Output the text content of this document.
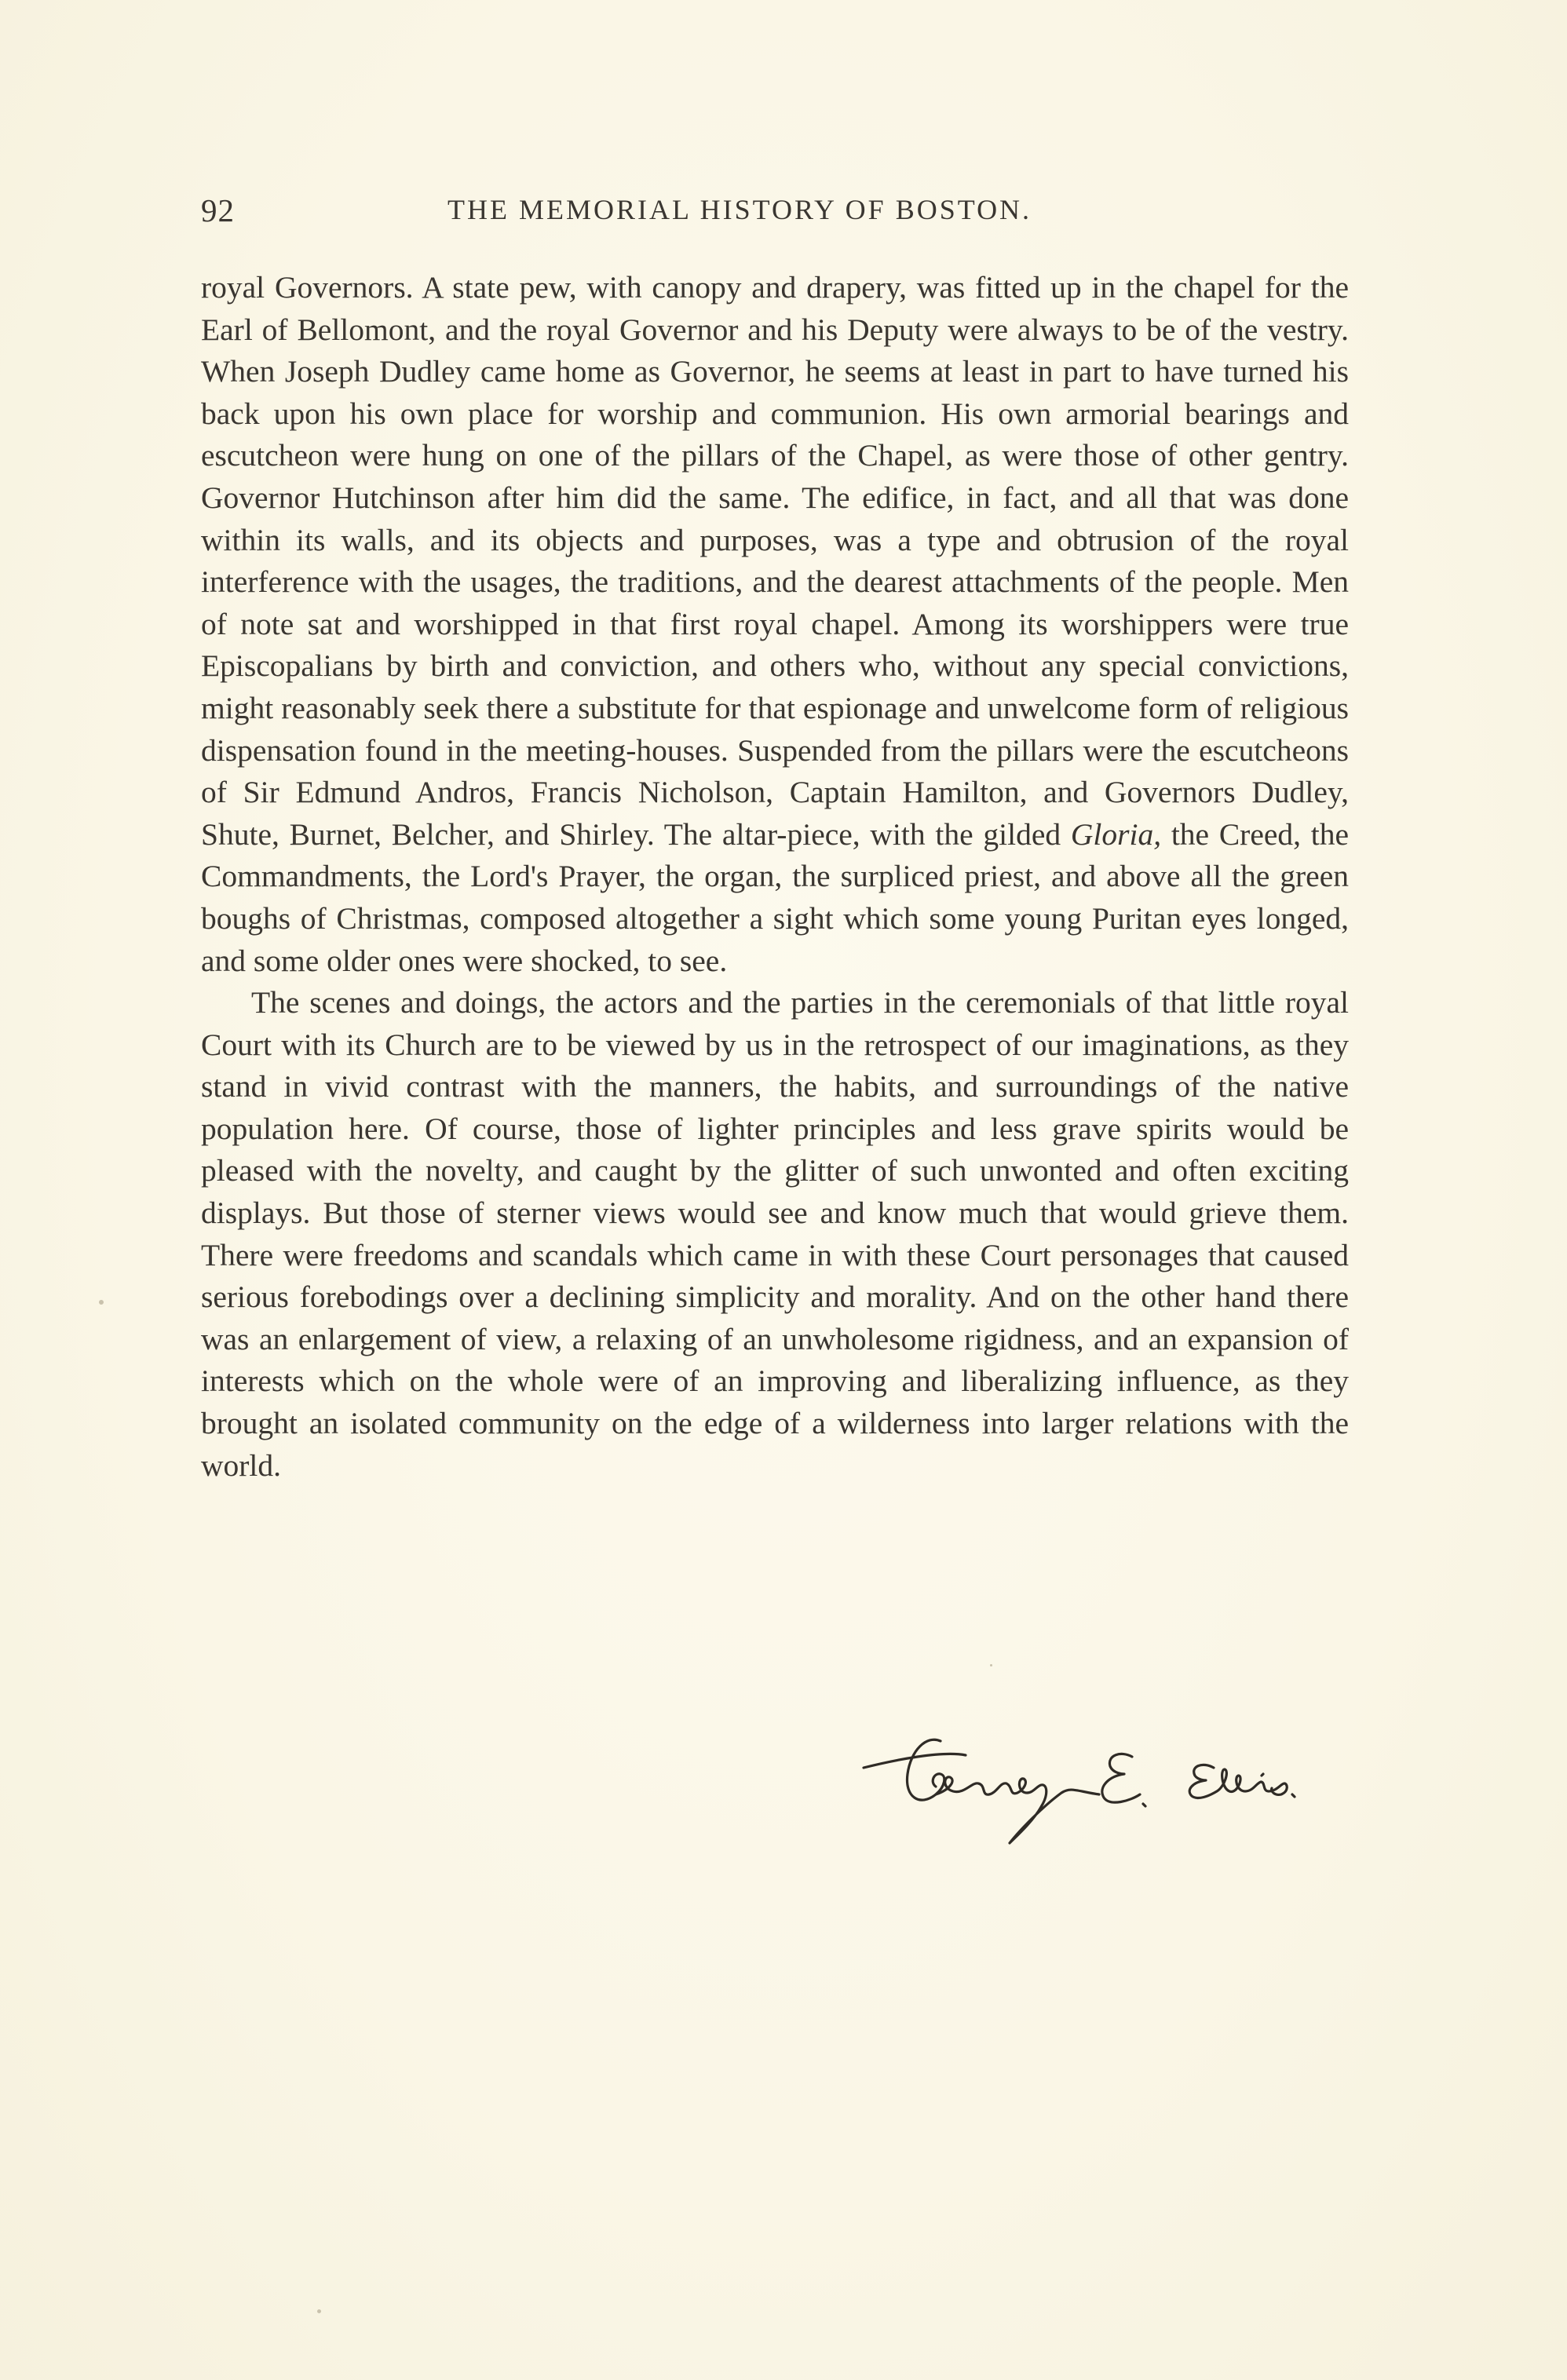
92	THE MEMORIAL HISTORY OF BOSTON.

royal Governors. A state pew, with canopy and drapery, was fitted up in the chapel for the Earl of Bellomont, and the royal Governor and his Deputy were always to be of the vestry. When Joseph Dudley came home as Governor, he seems at least in part to have turned his back upon his own place for worship and communion. His own armorial bearings and escutcheon were hung on one of the pillars of the Chapel, as were those of other gentry. Governor Hutchinson after him did the same. The edifice, in fact, and all that was done within its walls, and its objects and purposes, was a type and obtrusion of the royal interference with the usages, the traditions, and the dearest attachments of the people. Men of note sat and worshipped in that first royal chapel. Among its worshippers were true Episcopalians by birth and conviction, and others who, without any special convictions, might reasonably seek there a substitute for that espionage and unwelcome form of religious dispensation found in the meeting-houses. Suspended from the pillars were the escutcheons of Sir Edmund Andros, Francis Nicholson, Captain Hamilton, and Governors Dudley, Shute, Burnet, Belcher, and Shirley. The altar-piece, with the gilded Gloria, the Creed, the Commandments, the Lord's Prayer, the organ, the surpliced priest, and above all the green boughs of Christmas, composed altogether a sight which some young Puritan eyes longed, and some older ones were shocked, to see.

The scenes and doings, the actors and the parties in the ceremonials of that little royal Court with its Church are to be viewed by us in the retrospect of our imaginations, as they stand in vivid contrast with the manners, the habits, and surroundings of the native population here. Of course, those of lighter principles and less grave spirits would be pleased with the novelty, and caught by the glitter of such unwonted and often exciting displays. But those of sterner views would see and know much that would grieve them. There were freedoms and scandals which came in with these Court personages that caused serious forebodings over a declining simplicity and morality. And on the other hand there was an enlargement of view, a relaxing of an unwholesome rigidness, and an expansion of interests which on the whole were of an improving and liberalizing influence, as they brought an isolated community on the edge of a wilderness into larger relations with the world.
